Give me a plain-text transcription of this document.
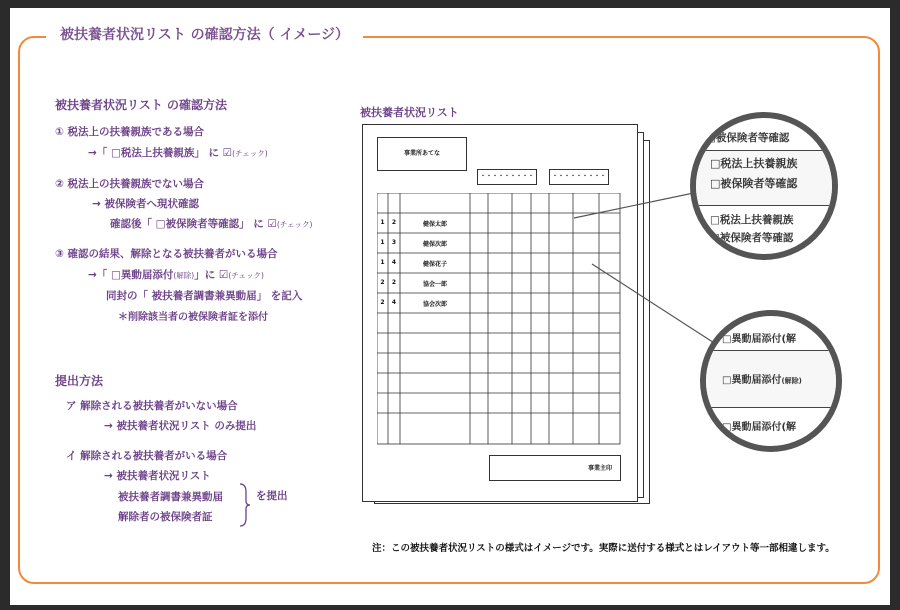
被扶養者状況リスト の確認方法（ イメージ）
被扶養者状況リスト の確認方法
① 税法上の扶養親族である場合
→「 □税法上扶養親族」 に ☑(チェック)
② 税法上の扶養親族でない場合
→ 被保険者へ現状確認
確認後「 □被保険者等確認」 に ☑(チェック)
③ 確認の結果、解除となる被扶養者がいる場合
→「 □異動届添付(解除)」に ☑(チェック)
同封の「 被扶養者調書兼異動届」 を記入
＊削除該当者の被保険者証を添付
提出方法
ア 解除される被扶養者がいない場合
→ 被扶養者状況リスト のみ提出
イ 解除される被扶養者がいる場合
→ 被扶養者状況リスト
被扶養者調書兼異動届
解除者の被保険者証
を提出
被扶養者状況リスト
事業所あてな
・・・・・・・・・	・・・・・・・・・
1	2	健保太郎
1	3	健保次郎
1	4	健保花子
2	2	協会一郎
2	4	協会次郎
事業主印
□被保険者等確認
□税法上扶養親族
□被保険者等確認
□税法上扶養親族
□被保険者等確認
□異動届添付(解
□異動届添付(解除)
□異動届添付(解
注：この被扶養者状況リストの様式はイメージです。実際に送付する様式とはレイアウト等一部相違します。
